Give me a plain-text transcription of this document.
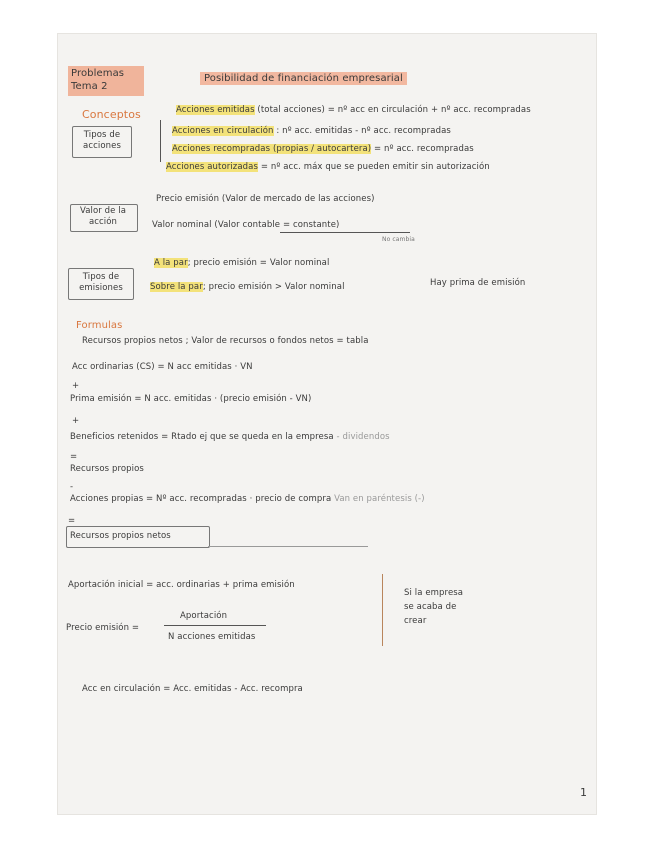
Problemas
Tema 2
Posibilidad de financiación empresarial
Conceptos
Tipos de acciones
Acciones emitidas (total acciones) = nº acc en circulación + nº acc. recompradas
Acciones en circulación : nº acc. emitidas - nº acc. recompradas
Acciones recompradas (propias / autocartera) = nº acc. recompradas
Acciones autorizadas = nº acc. máx que se pueden emitir sin autorización
Valor de la acción
Precio emisión (Valor de mercado de las acciones)
Valor nominal (Valor contable = constante)
No cambia
Tipos de emisiones
A la par; precio emisión = Valor nominal
Sobre la par; precio emisión > Valor nominal	Hay prima de emisión
Formulas
Recursos propios netos ; Valor de recursos o fondos netos = tabla
Acc ordinarias (CS) = N acc emitidas · VN
+
Prima emisión = N acc. emitidas · (precio emisión - VN)
+
Beneficios retenidos = Rtado ej que se queda en la empresa - dividendos
=
Recursos propios
-
Acciones propias = Nº acc. recompradas · precio de compra Van en paréntesis (-)
=
Recursos propios netos
Aportación inicial = acc. ordinarias + prima emisión
Precio emisión =
Aportación
N acciones emitidas
Si la empresa
se acaba de
crear
Acc en circulación = Acc. emitidas - Acc. recompra
1
